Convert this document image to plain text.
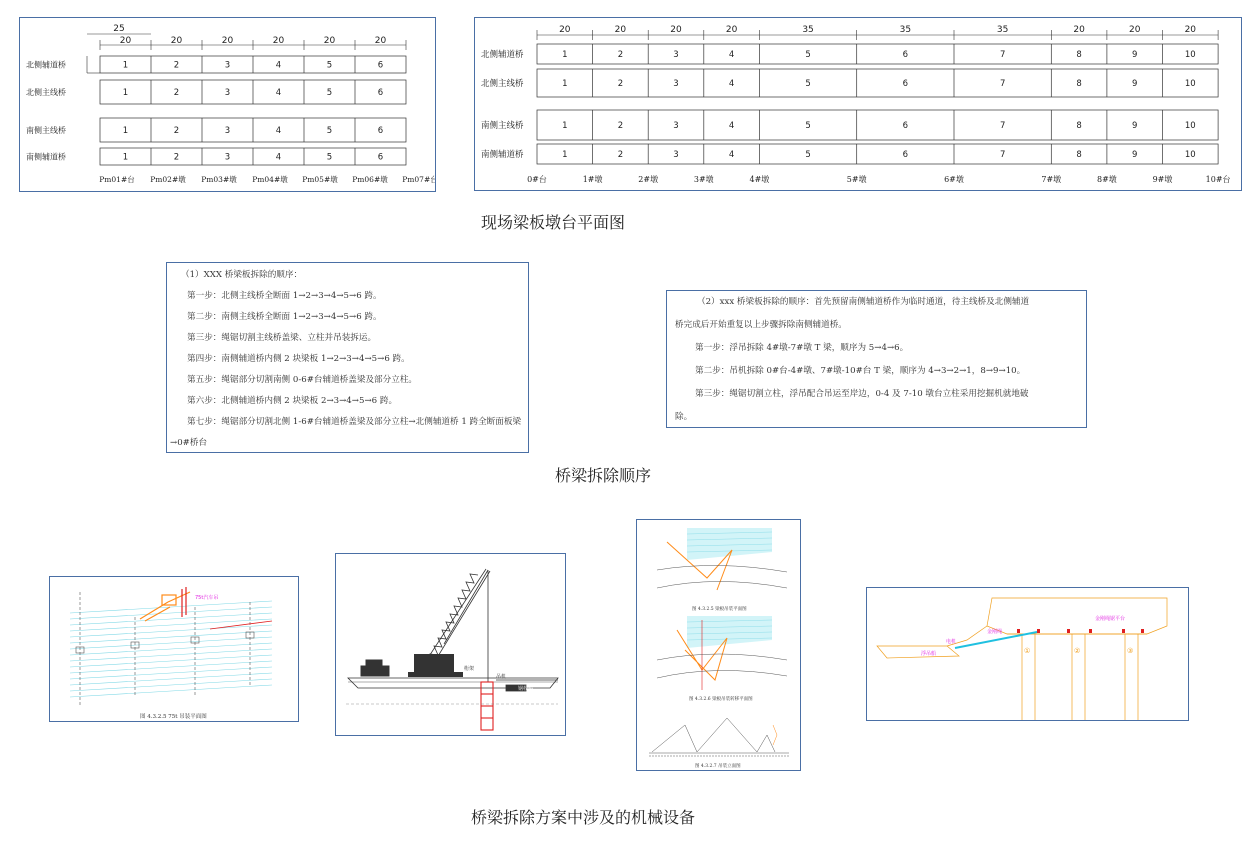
25
20	20	20	20	20	20
北侧辅道桥	1	2	3	4	5	6
北侧主线桥	1	2	3	4	5	6
南侧主线桥	1	2	3	4	5	6
南侧辅道桥	1	2	3	4	5	6
Pm01#台 Pm02#墩 Pm03#墩 Pm04#墩 Pm05#墩 Pm06#墩 Pm07#台
20	20	20	20	35	35	35	20	20	20
北侧辅道桥	1	2	3	4	5	6	7	8	9	10
北侧主线桥	1	2	3	4	5	6	7	8	9	10
南侧主线桥	1	2	3	4	5	6	7	8	9	10
南侧辅道桥	1	2	3	4	5	6	7	8	9	10
0#台	1#墩	2#墩	3#墩	4#墩	5#墩	6#墩	7#墩	8#墩	9#墩	10#台
现场梁板墩台平面图

（1）XXX 桥梁板拆除的顺序：

第一步：北侧主线桥全断面 1→2→3→4→5→6 跨。

第二步：南侧主线桥全断面 1→2→3→4→5→6 跨。

第三步：绳锯切割主线桥盖梁、立柱并吊装拆运。

第四步：南侧辅道桥内侧 2 块梁板 1→2→3→4→5→6 跨。

第五步：绳锯部分切割南侧 0-6#台辅道桥盖梁及部分立柱。

第六步：北侧辅道桥内侧 2 块梁板 2→3→4→5→6 跨。

第七步：绳锯部分切割北侧 1-6#台辅道桥盖梁及部分立柱→北侧辅道桥 1 跨全断面板梁

→0#桥台

（2）xxx 桥梁板拆除的顺序：首先预留南侧辅道桥作为临时通道，待主线桥及北侧辅道

桥完成后开始重复以上步骤拆除南侧辅道桥。

第一步：浮吊拆除 4#墩-7#墩 T 梁，顺序为 5→4→6。

第二步：吊机拆除 0#台-4#墩、7#墩-10#台 T 梁，顺序为 4→3→2→1，8→9→10。

第三步：绳锯切割立柱，浮吊配合吊运至岸边，0-4 及 7-10 墩台立柱采用挖掘机就地破

除。

桥梁拆除顺序
75t汽车吊
图 4.3.2.5 75t 吊装平面图
桁架
吊机
钢栈桥
图 4.3.2.5 梁板吊装平面图
图 4.3.2.6 梁板吊装转移平面图
图 4.3.2.7 吊装立面图
金刚绳
金刚绳锯平台
电机
浮吊船	①	②	③
桥梁拆除方案中涉及的机械设备
